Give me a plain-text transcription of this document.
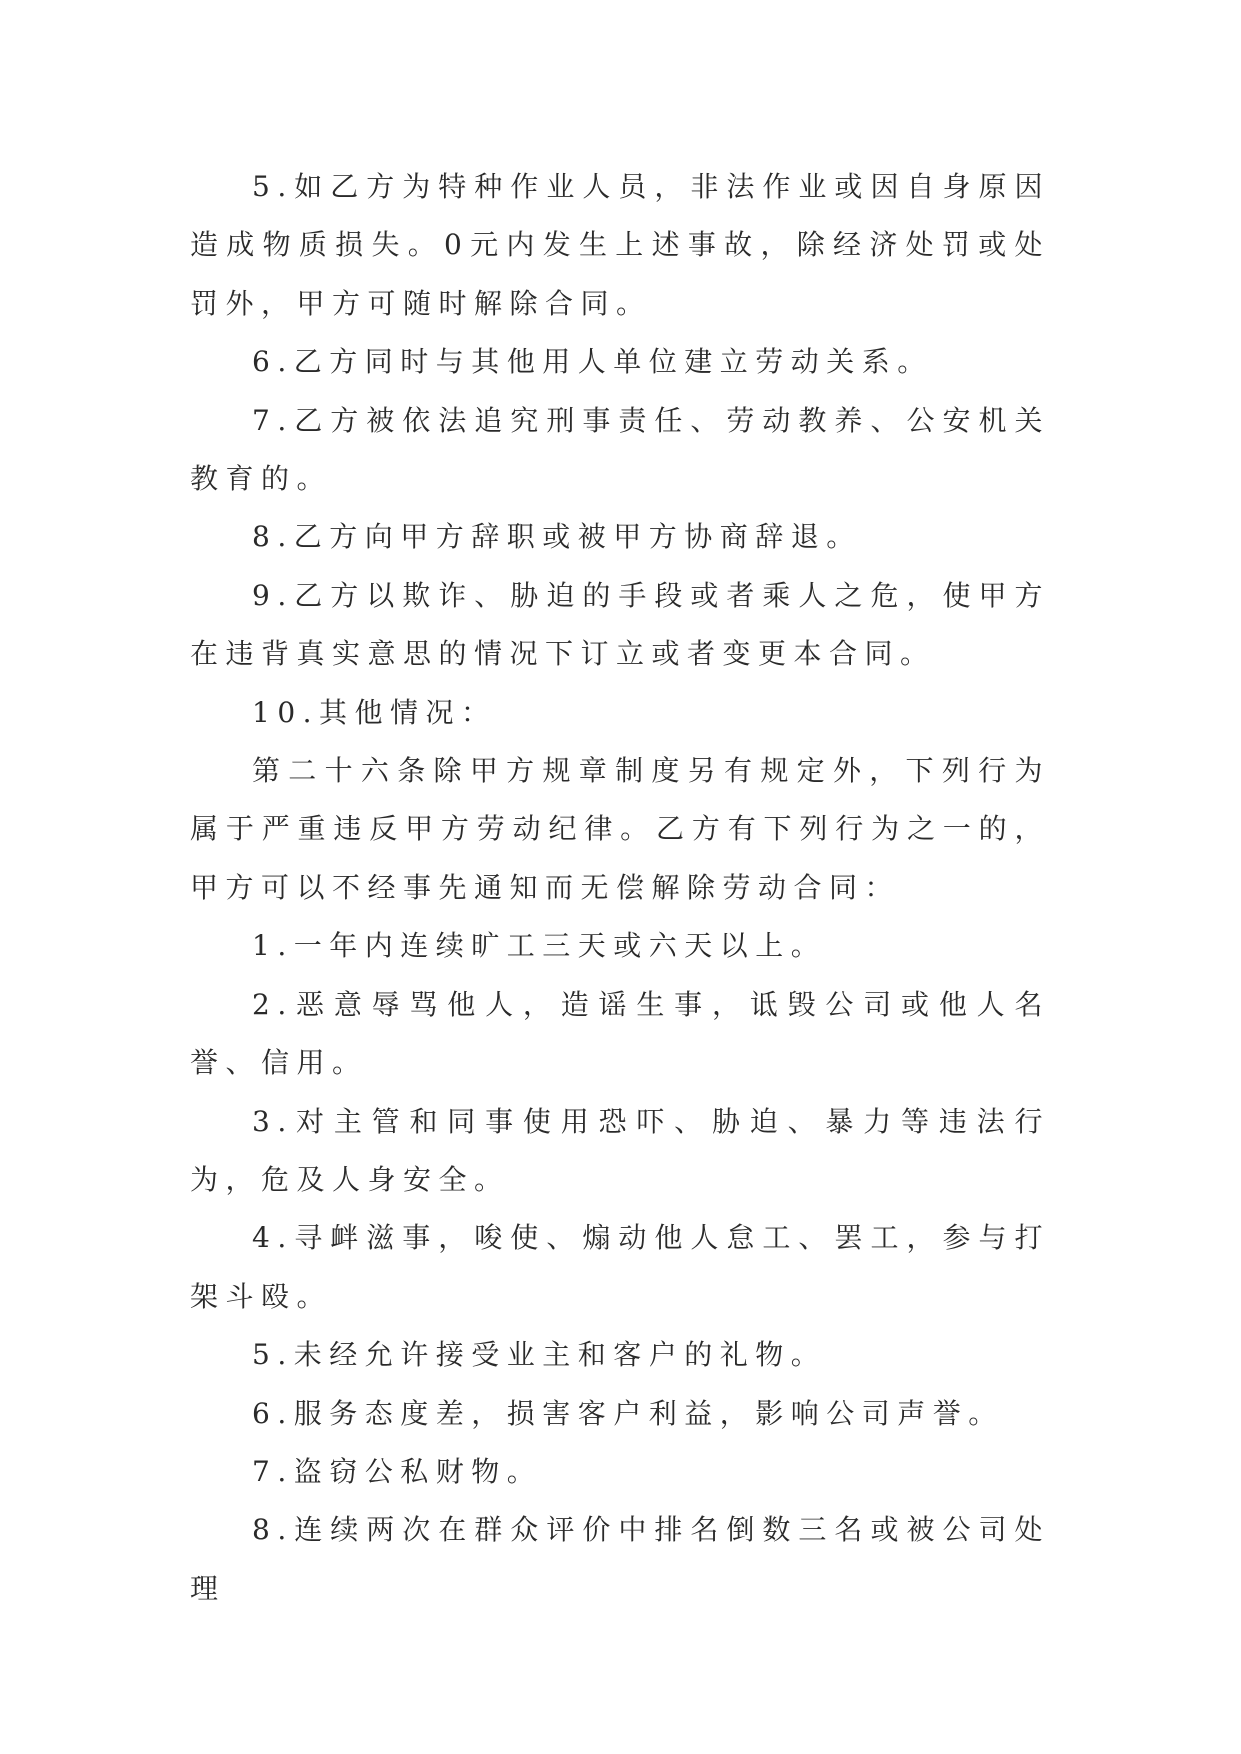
5.如乙方为特种作业人员，非法作业或因自身原因造成物质损失。0元内发生上述事故，除经济处罚或处罚外，甲方可随时解除合同。

6.乙方同时与其他用人单位建立劳动关系。

7.乙方被依法追究刑事责任、劳动教养、公安机关教育的。

8.乙方向甲方辞职或被甲方协商辞退。

9.乙方以欺诈、胁迫的手段或者乘人之危，使甲方在违背真实意思的情况下订立或者变更本合同。

10.其他情况：

第二十六条除甲方规章制度另有规定外，下列行为属于严重违反甲方劳动纪律。乙方有下列行为之一的，甲方可以不经事先通知而无偿解除劳动合同：

1.一年内连续旷工三天或六天以上。

2.恶意辱骂他人，造谣生事，诋毁公司或他人名誉、信用。

3.对主管和同事使用恐吓、胁迫、暴力等违法行为，危及人身安全。

4.寻衅滋事，唆使、煽动他人怠工、罢工，参与打架斗殴。

5.未经允许接受业主和客户的礼物。

6.服务态度差，损害客户利益，影响公司声誉。

7.盗窃公私财物。

8.连续两次在群众评价中排名倒数三名或被公司处理
